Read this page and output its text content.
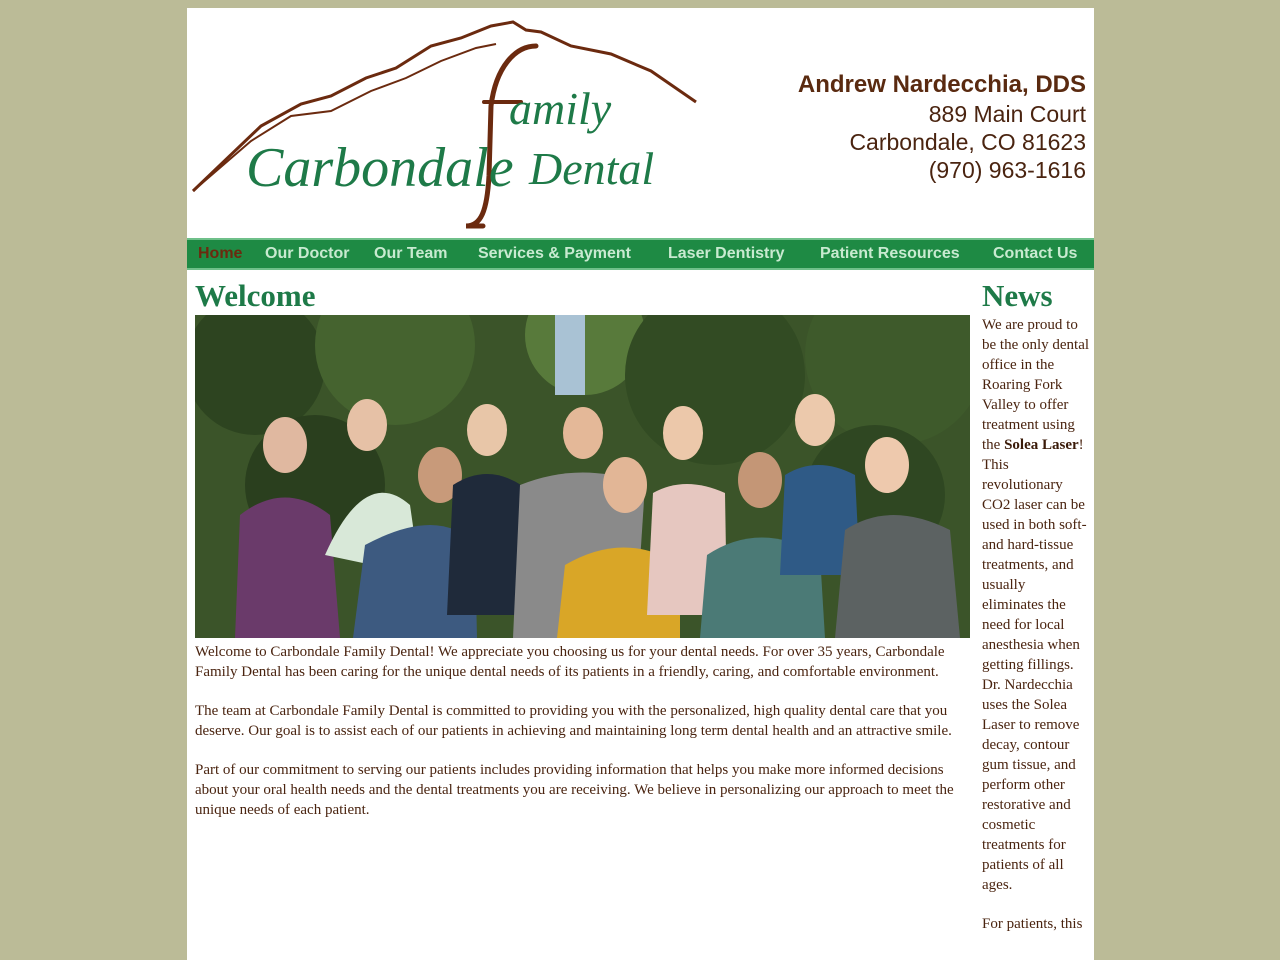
Carbondale
amily
Dental
Andrew Nardecchia, DDS
889 Main Court
Carbondale, CO 81623
(970) 963-1616
Home Our Doctor Our Team Services & Payment Laser Dentistry Patient Resources Contact Us
Welcome	News

Welcome to Carbondale Family Dental! We appreciate you choosing us for your dental needs. For over 35 years, Carbondale Family Dental has been caring for the unique dental needs of its patients in a friendly, caring, and comfortable environment.

The team at Carbondale Family Dental is committed to providing you with the personalized, high quality dental care that you deserve. Our goal is to assist each of our patients in achieving and maintaining long term dental health and an attractive smile.

Part of our commitment to serving our patients includes providing information that helps you make more informed decisions about your oral health needs and the dental treatments you are receiving. We believe in personalizing our approach to meet the unique needs of each patient.

We are proud to be the only dental office in the Roaring Fork Valley to offer treatment using the Solea Laser! This revolutionary CO2 laser can be used in both soft- and hard-tissue treatments, and usually eliminates the need for local anesthesia when getting fillings. Dr. Nardecchia uses the Solea Laser to remove decay, contour gum tissue, and perform other restorative and cosmetic treatments for patients of all ages.

For patients, this
